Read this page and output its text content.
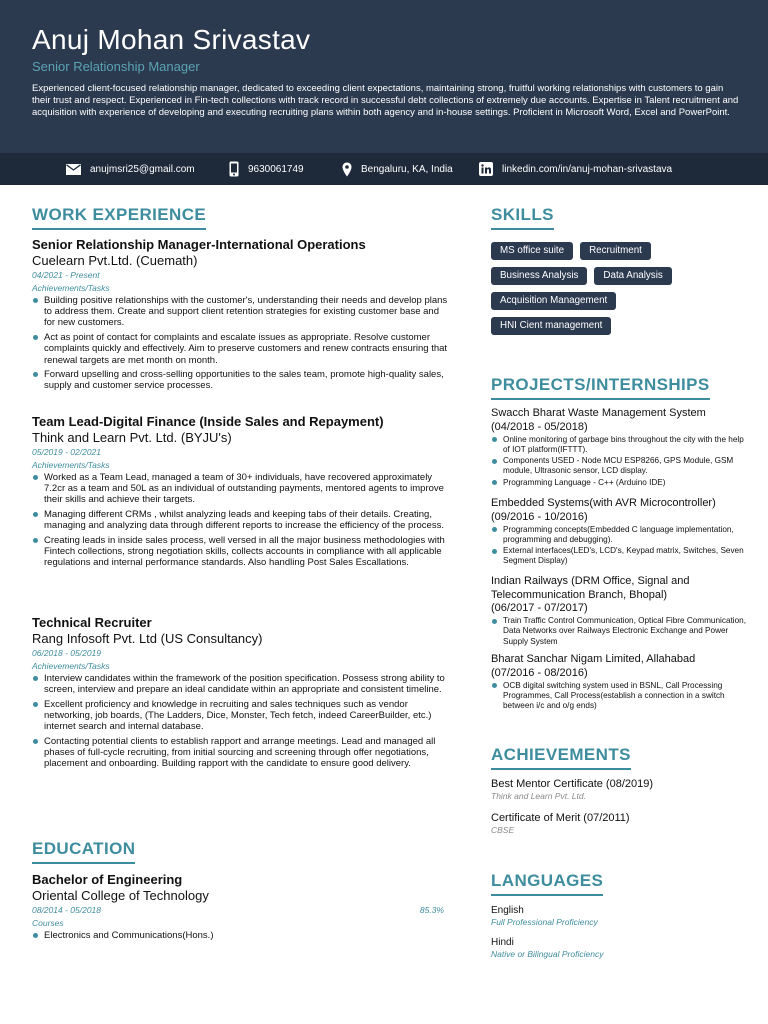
Anuj Mohan Srivastav
Senior Relationship Manager
Experienced client-focused relationship manager, dedicated to exceeding client expectations, maintaining strong, fruitful working relationships with customers to gain their trust and respect. Experienced in Fin-tech collections with track record in successful debt collections of extremely due accounts. Expertise in Talent recruitment and acquisition with experience of developing and executing recruiting plans within both agency and in-house settings. Proficient in Microsoft Word, Excel and PowerPoint.
anujmsri25@gmail.com	9630061749	Bengaluru, KA, India	linkedin.com/in/anuj-mohan-srivastava
WORK EXPERIENCE
Senior Relationship Manager-International Operations
Cuelearn Pvt.Ltd. (Cuemath)
04/2021 - Present
Achievements/Tasks
Building positive relationships with the customer's, understanding their needs and develop plans to address them. Create and support client retention strategies for existing customer base and for new customers.
Act as point of contact for complaints and escalate issues as appropriate. Resolve customer complaints quickly and effectively. Aim to preserve customers and renew contracts ensuring that renewal targets are met month on month.
Forward upselling and cross-selling opportunities to the sales team, promote high-quality sales, supply and customer service processes.
Team Lead-Digital Finance (Inside Sales and Repayment)
Think and Learn Pvt. Ltd. (BYJU's)
05/2019 - 02/2021
Achievements/Tasks
Worked as a Team Lead, managed a team of 30+ individuals, have recovered approximately 7.2cr as a team and 50L as an individual of outstanding payments, mentored agents to improve their skills and achieve their targets.
Managing different CRMs , whilst analyzing leads and keeping tabs of their details. Creating, managing and analyzing data through different reports to increase the efficiency of the process.
Creating leads in inside sales process, well versed in all the major business methodologies with Fintech collections, strong negotiation skills, collects accounts in compliance with all applicable regulations and internal performance standards. Also handling Post Sales Escallations.
Technical Recruiter
Rang Infosoft Pvt. Ltd (US Consultancy)
06/2018 - 05/2019
Achievements/Tasks
Interview candidates within the framework of the position specification. Possess strong ability to screen, interview and prepare an ideal candidate within an appropriate and consistent timeline.
Excellent proficiency and knowledge in recruiting and sales techniques such as vendor networking, job boards, (The Ladders, Dice, Monster, Tech fetch, indeed CareerBuilder, etc.) internet search and internal database.
Contacting potential clients to establish rapport and arrange meetings. Lead and managed all phases of full-cycle recruiting, from initial sourcing and screening through offer negotiations, placement and onboarding. Building rapport with the candidate to ensure good delivery.
EDUCATION
Bachelor of Engineering
Oriental College of Technology
08/2014 - 05/2018	85.3%
Courses
Electronics and Communications(Hons.)
SKILLS
MS office suite	Recruitment
Business Analysis	Data Analysis
Acquisition Management
HNI Cient management
PROJECTS/INTERNSHIPS
Swacch Bharat Waste Management System
(04/2018 - 05/2018)
Online monitoring of garbage bins throughout the city with the help of IOT platform(IFTTT).
Components USED - Node MCU ESP8266, GPS Module, GSM module, Ultrasonic sensor, LCD display.
Programming Language - C++ (Arduino IDE)
Embedded Systems(with AVR Microcontroller)
(09/2016 - 10/2016)
Programming concepts(Embedded C language implementation, programming and debugging).
External interfaces(LED's, LCD's, Keypad matrix, Switches, Seven Segment Display)
Indian Railways (DRM Office, Signal and Telecommunication Branch, Bhopal)
(06/2017 - 07/2017)
Train Traffic Control Communication, Optical Fibre Communication, Data Networks over Railways Electronic Exchange and Power Supply System
Bharat Sanchar Nigam Limited, Allahabad
(07/2016 - 08/2016)
OCB digital switching system used in BSNL, Call Processing Programmes, Call Process(establish a connection in a switch between i/c and o/g ends)
ACHIEVEMENTS
Best Mentor Certificate (08/2019)
Think and Learn Pvt. Ltd.
Certificate of Merit (07/2011)
CBSE
LANGUAGES
English
Full Professional Proficiency
Hindi
Native or Bilingual Proficiency
